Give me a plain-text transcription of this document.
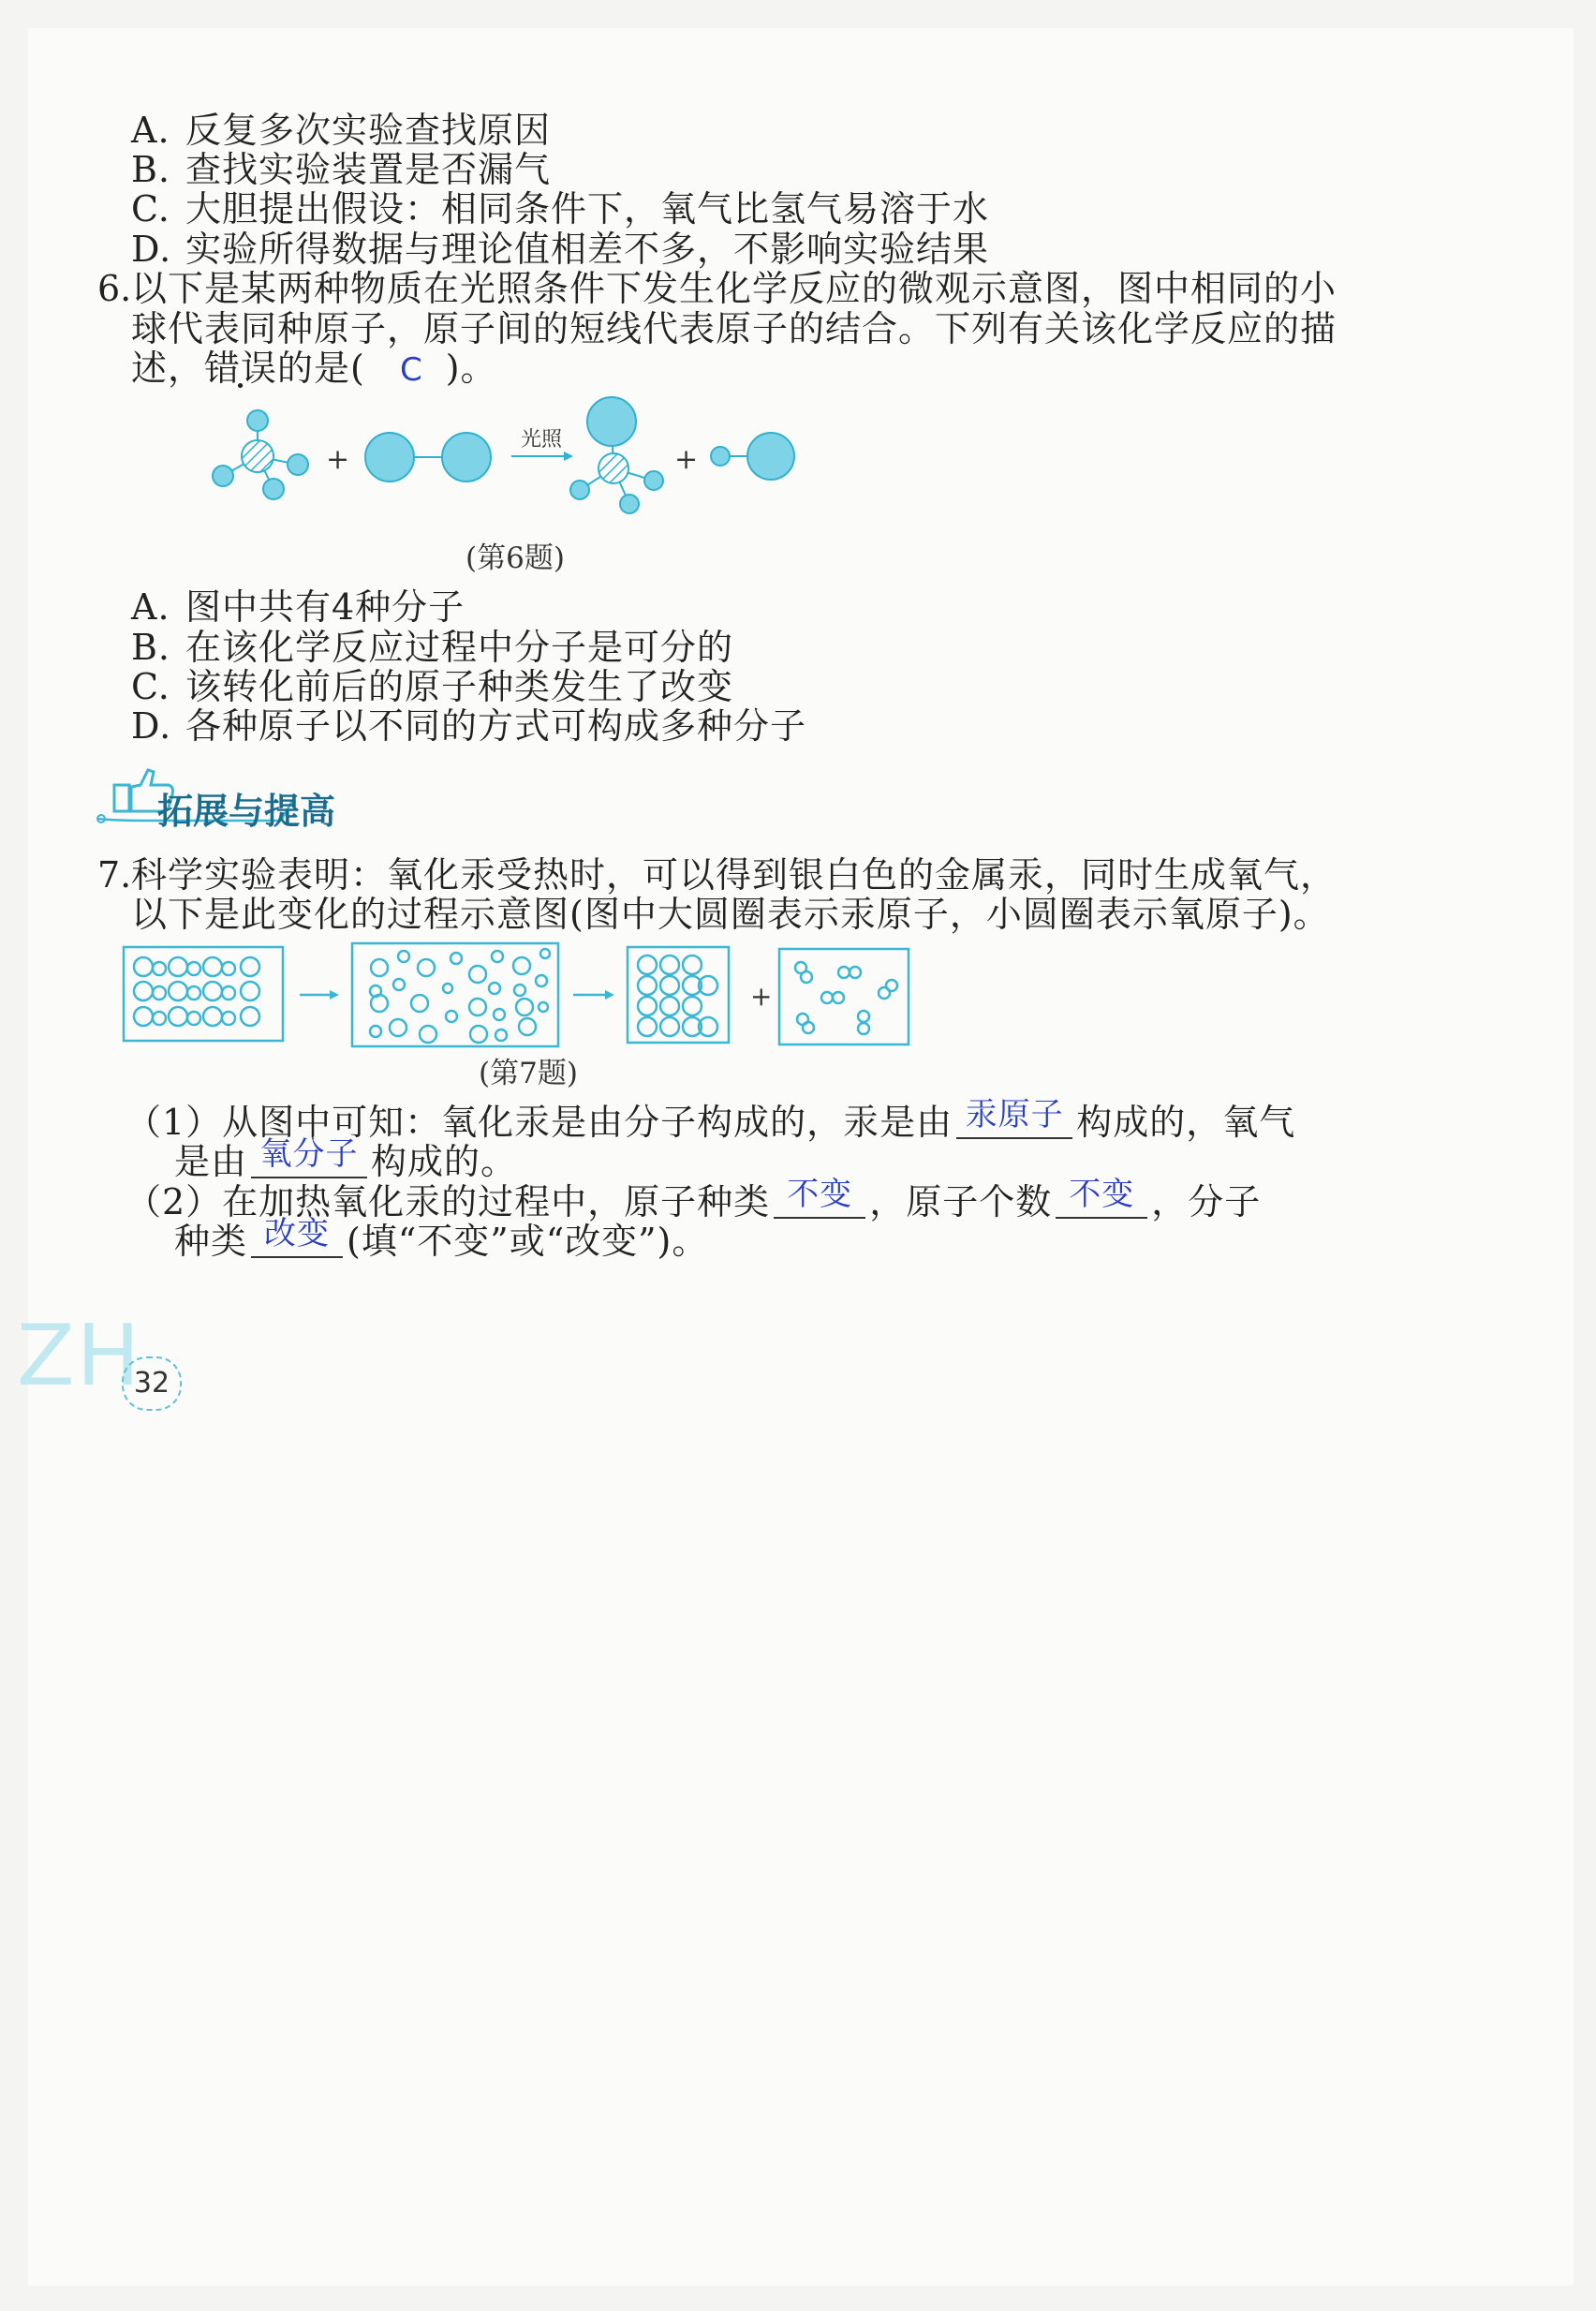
A. 反复多次实验查找原因
B. 查找实验装置是否漏气
C. 大胆提出假设：相同条件下，氧气比氢气易溶于水
D. 实验所得数据与理论值相差不多，不影响实验结果
6. 以下是某两种物质在光照条件下发生化学反应的微观示意图，图中相同的小
球代表同种原子，原子间的短线代表原子的结合。下列有关该化学反应的描
述，错误的是( C )。
+
光照
+
(第6题)
A. 图中共有4种分子
B. 在该化学反应过程中分子是可分的
C. 该转化前后的原子种类发生了改变
D. 各种原子以不同的方式可构成多种分子
拓展与提高
7. 科学实验表明：氧化汞受热时，可以得到银白色的金属汞，同时生成氧气，
以下是此变化的过程示意图(图中大圆圈表示汞原子，小圆圈表示氧原子)。
+
(第7题)
（1）从图中可知：氧化汞是由分子构成的，汞是由 汞原子 构成的，氧气
是由 氧分子 构成的。
（2）在加热氧化汞的过程中，原子种类 不变 ，原子个数 不变 ，分子
种类 改变 (填“不变”或“改变”)。
ZH
32
